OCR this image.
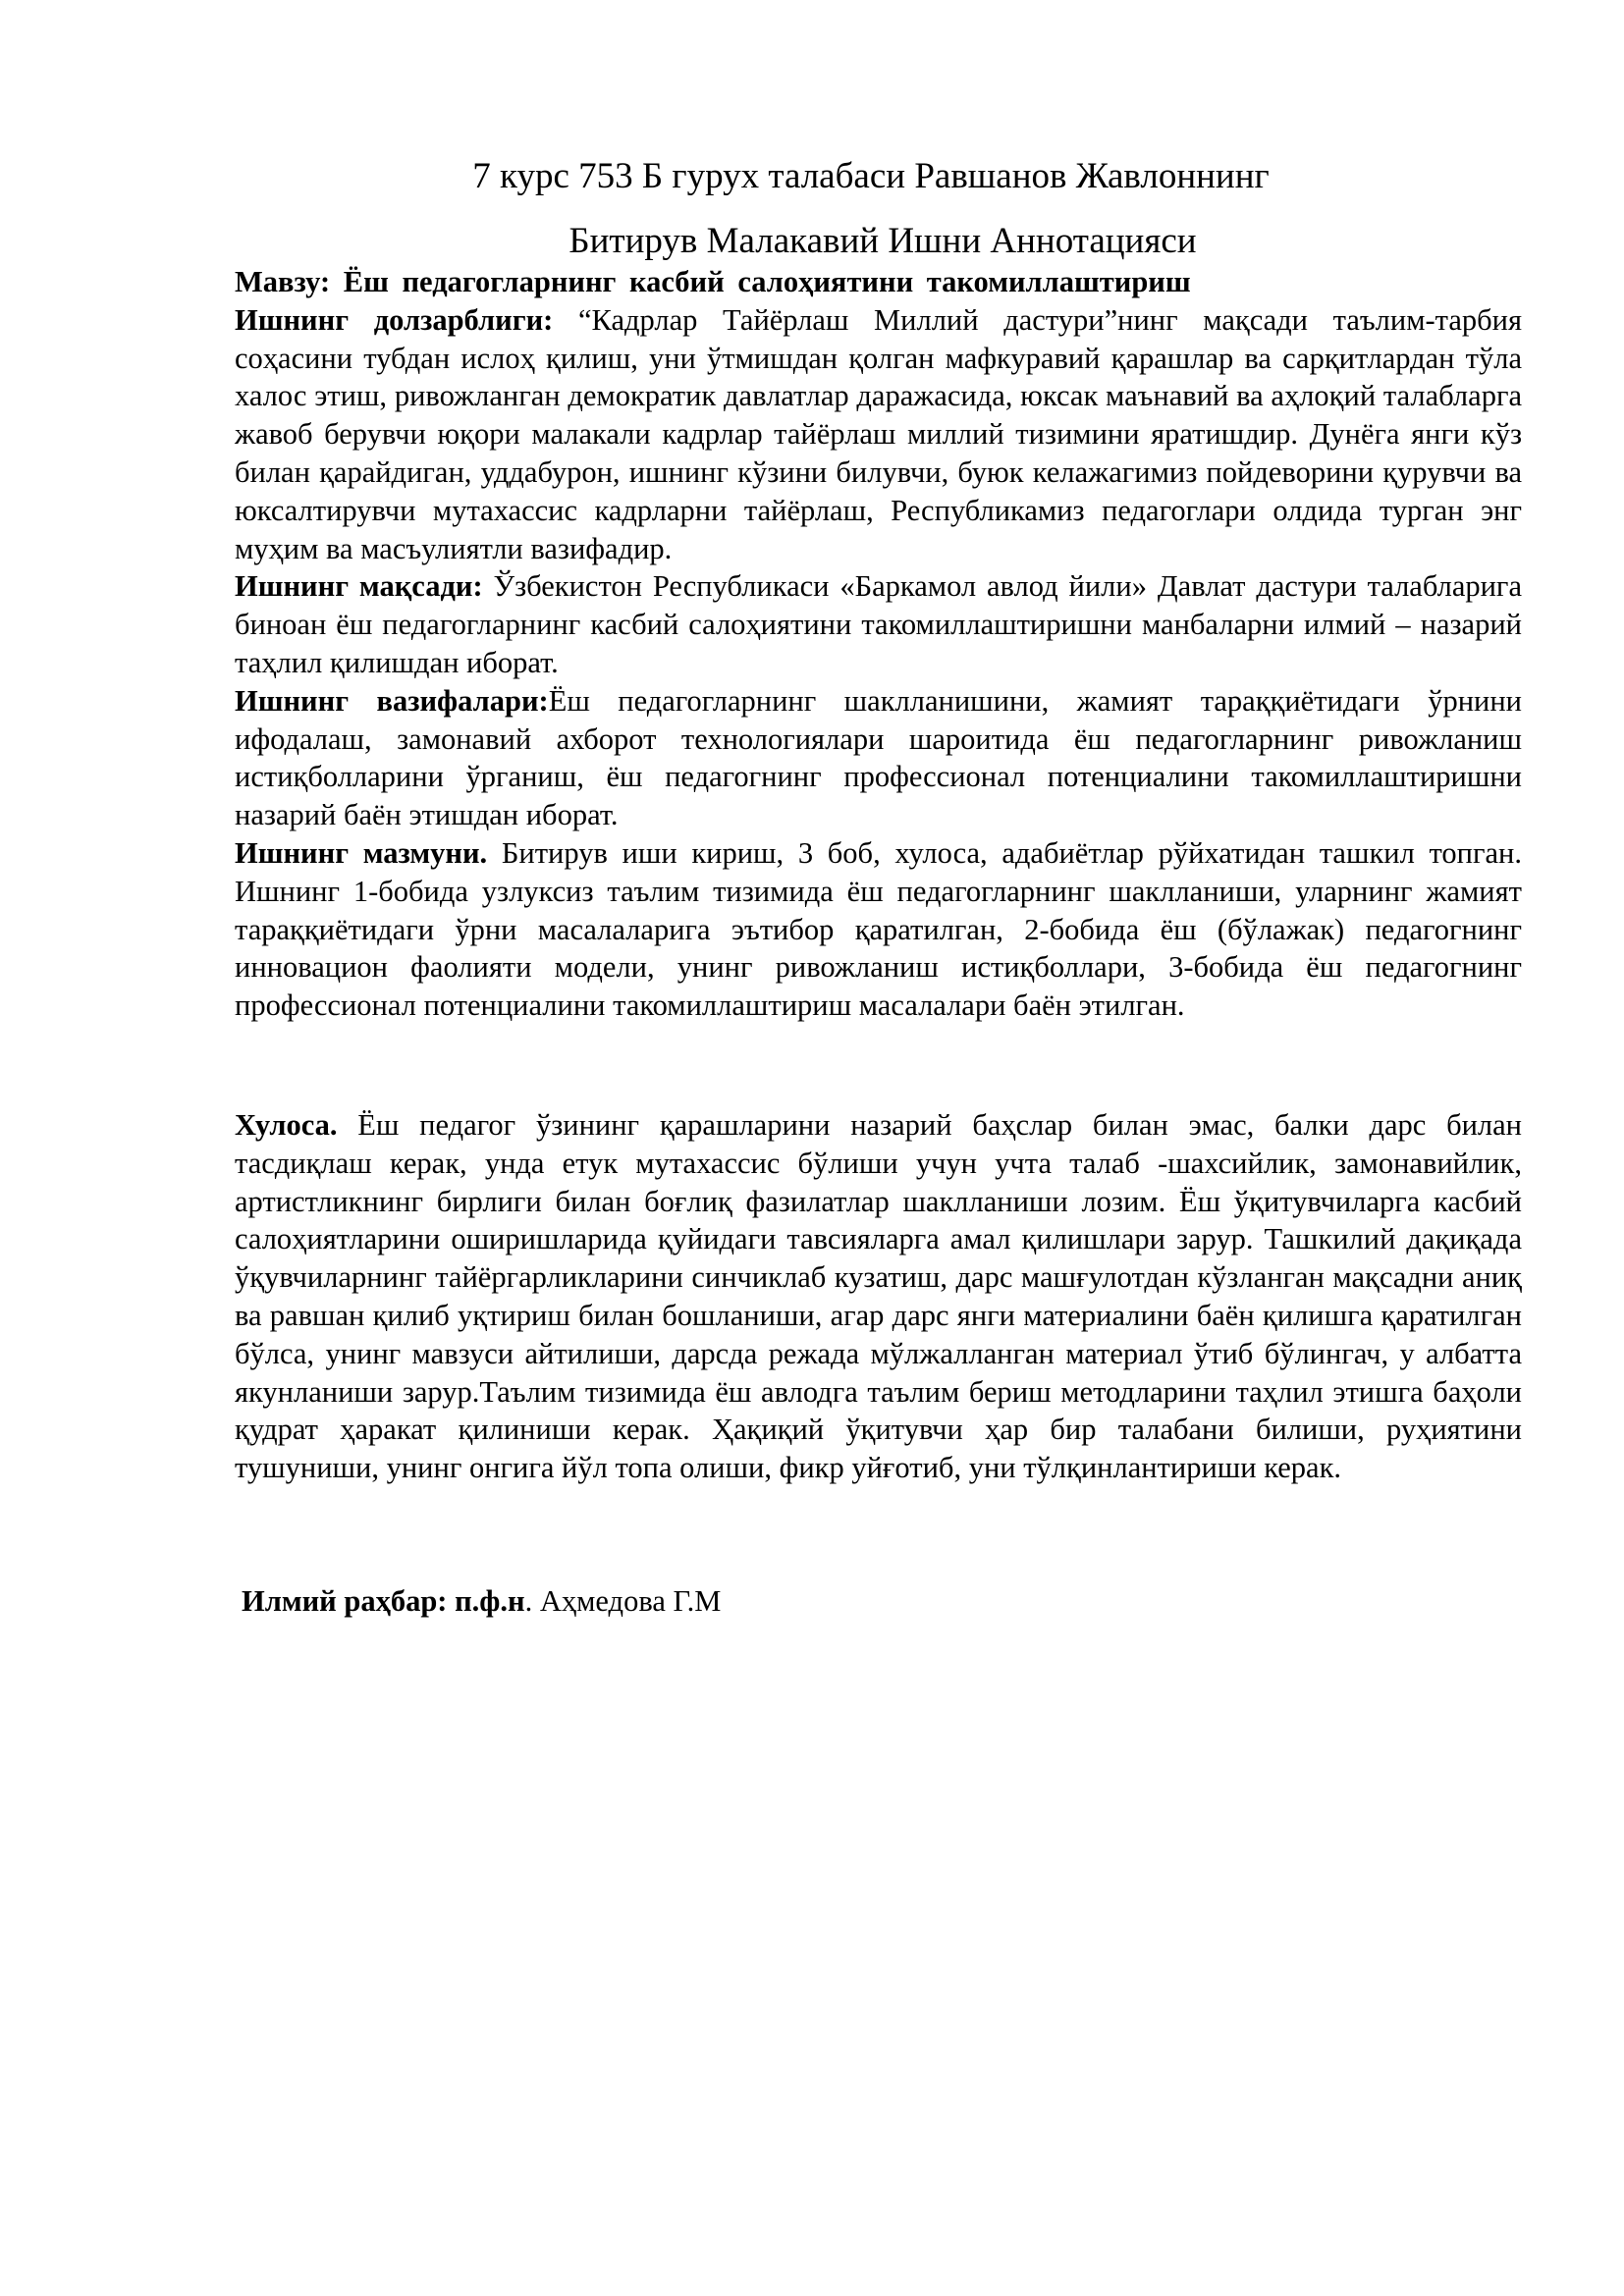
7 курс 753 Б гурух талабаси Равшанов Жавлоннинг
Битирув Малакавий Ишни Аннотацияси

Мавзу: Ёш педагогларнинг касбий салоҳиятини такомиллаштириш

Ишнинг долзарблиги: “Кадрлар Тайёрлаш Миллий дастури”нинг мақсади таълим-тарбия соҳасини тубдан ислоҳ қилиш, уни ўтмишдан қолган мафкуравий қарашлар ва сарқитлардан тўла халос этиш, ривожланган демократик давлатлар даражасида, юксак маънавий ва аҳлоқий талабларга жавоб берувчи юқори малакали кадрлар тайёрлаш миллий тизимини яратишдир. Дунёга янги кўз билан қарайдиган, уддабурон, ишнинг кўзини билувчи, буюк келажагимиз пойдеворини қурувчи ва юксалтирувчи мутахассис кадрларни тайёрлаш, Республикамиз педагоглари олдида турган энг муҳим ва масъулиятли вазифадир.

Ишнинг мақсади: Ўзбекистон Республикаси «Баркамол авлод йили» Давлат дастури талабларига биноан ёш педагогларнинг касбий салоҳиятини такомиллаштиришни манбаларни илмий – назарий таҳлил қилишдан иборат.

Ишнинг вазифалари:Ёш педагогларнинг шаклланишини, жамият тараққиётидаги ўрнини ифодалаш, замонавий ахборот технологиялари шароитида ёш педагогларнинг ривожланиш истиқболларини ўрганиш, ёш педагогнинг профессионал потенциалини такомиллаштиришни назарий баён этишдан иборат.

Ишнинг мазмуни. Битирув иши кириш, 3 боб, хулоса, адабиётлар рўйхатидан ташкил топган. Ишнинг 1-бобида узлуксиз таълим тизимида ёш педагогларнинг шаклланиши, уларнинг жамият тараққиётидаги ўрни масалаларига эътибор қаратилган, 2-бобида ёш (бўлажак) педагогнинг инновацион фаолияти модели, унинг ривожланиш истиқболлари, 3-бобида ёш педагогнинг профессионал потенциалини такомиллаштириш масалалари баён этилган.

Хулоса. Ёш педагог ўзининг қарашларини назарий баҳслар билан эмас, балки дарс билан тасдиқлаш керак, унда етук мутахассис бўлиши учун учта талаб -шахсийлик, замонавийлик, артистликнинг бирлиги билан боғлиқ фазилатлар шаклланиши лозим. Ёш ўқитувчиларга касбий салоҳиятларини оширишларида қуйидаги тавсияларга амал қилишлари зарур. Ташкилий дақиқада ўқувчиларнинг тайёргарликларини синчиклаб кузатиш, дарс машғулотдан кўзланган мақсадни аниқ ва равшан қилиб уқтириш билан бошланиши, агар дарс янги материалини баён қилишга қаратилган бўлса, унинг мавзуси айтилиши, дарсда режада мўлжалланган материал ўтиб бўлингач, у албатта якунланиши зарур.Таълим тизимида ёш авлодга таълим бериш методларини таҳлил этишга баҳоли қудрат ҳаракат қилиниши керак. Ҳақиқий ўқитувчи ҳар бир талабани билиши, руҳиятини тушуниши, унинг онгига йўл топа олиши, фикр уйғотиб, уни тўлқинлантириши керак.

Илмий раҳбар: п.ф.н. Аҳмедова Г.М
